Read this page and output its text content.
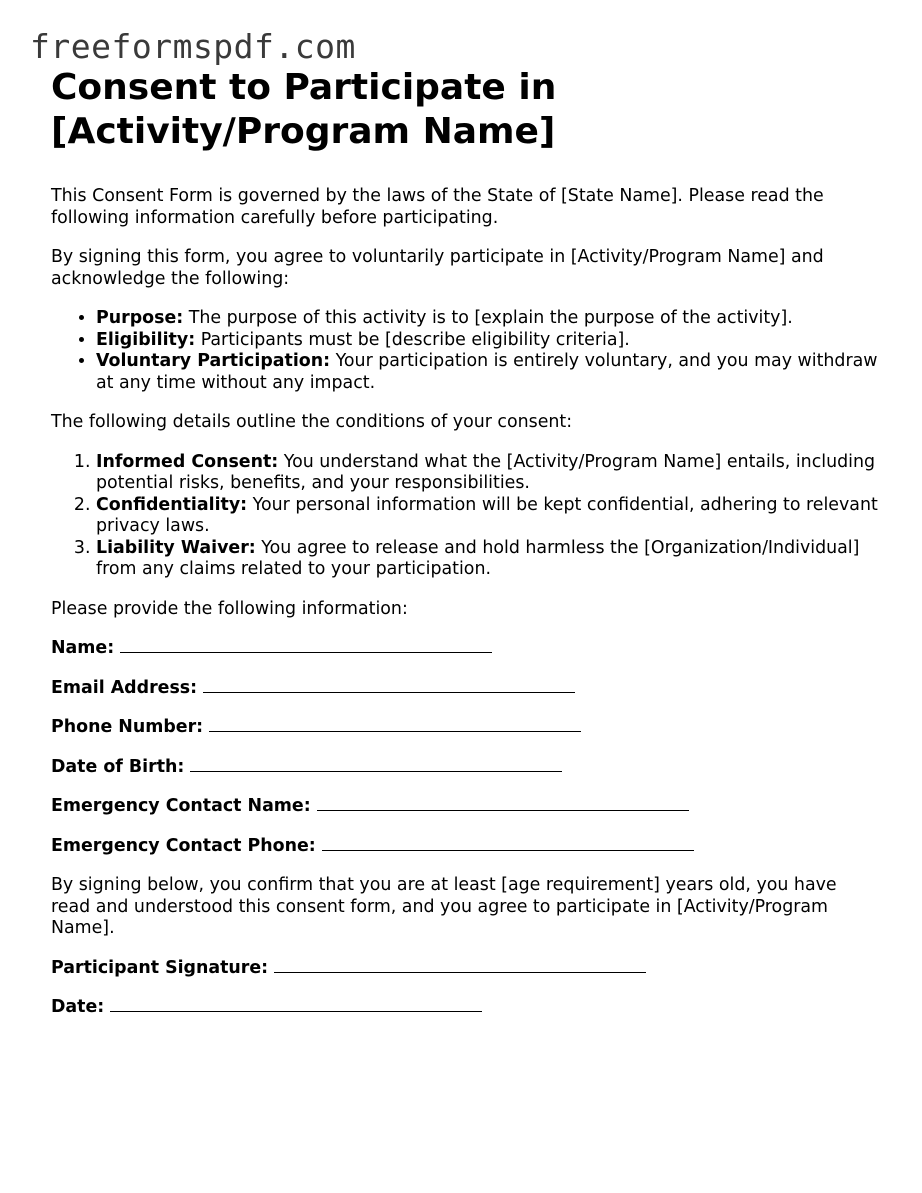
freeformspdf.com
Consent to Participate in [Activity/Program Name]

This Consent Form is governed by the laws of the State of [State Name]. Please read the following information carefully before participating.

By signing this form, you agree to voluntarily participate in [Activity/Program Name] and acknowledge the following:

• Purpose: The purpose of this activity is to [explain the purpose of the activity].
• Eligibility: Participants must be [describe eligibility criteria].
• Voluntary Participation: Your participation is entirely voluntary, and you may withdraw at any time without any impact.

The following details outline the conditions of your consent:

1. Informed Consent: You understand what the [Activity/Program Name] entails, including potential risks, benefits, and your responsibilities.
2. Confidentiality: Your personal information will be kept confidential, adhering to relevant privacy laws.
3. Liability Waiver: You agree to release and hold harmless the [Organization/Individual] from any claims related to your participation.

Please provide the following information:

Name:
Email Address:
Phone Number:
Date of Birth:
Emergency Contact Name:
Emergency Contact Phone:

By signing below, you confirm that you are at least [age requirement] years old, you have read and understood this consent form, and you agree to participate in [Activity/Program Name].

Participant Signature:
Date:
